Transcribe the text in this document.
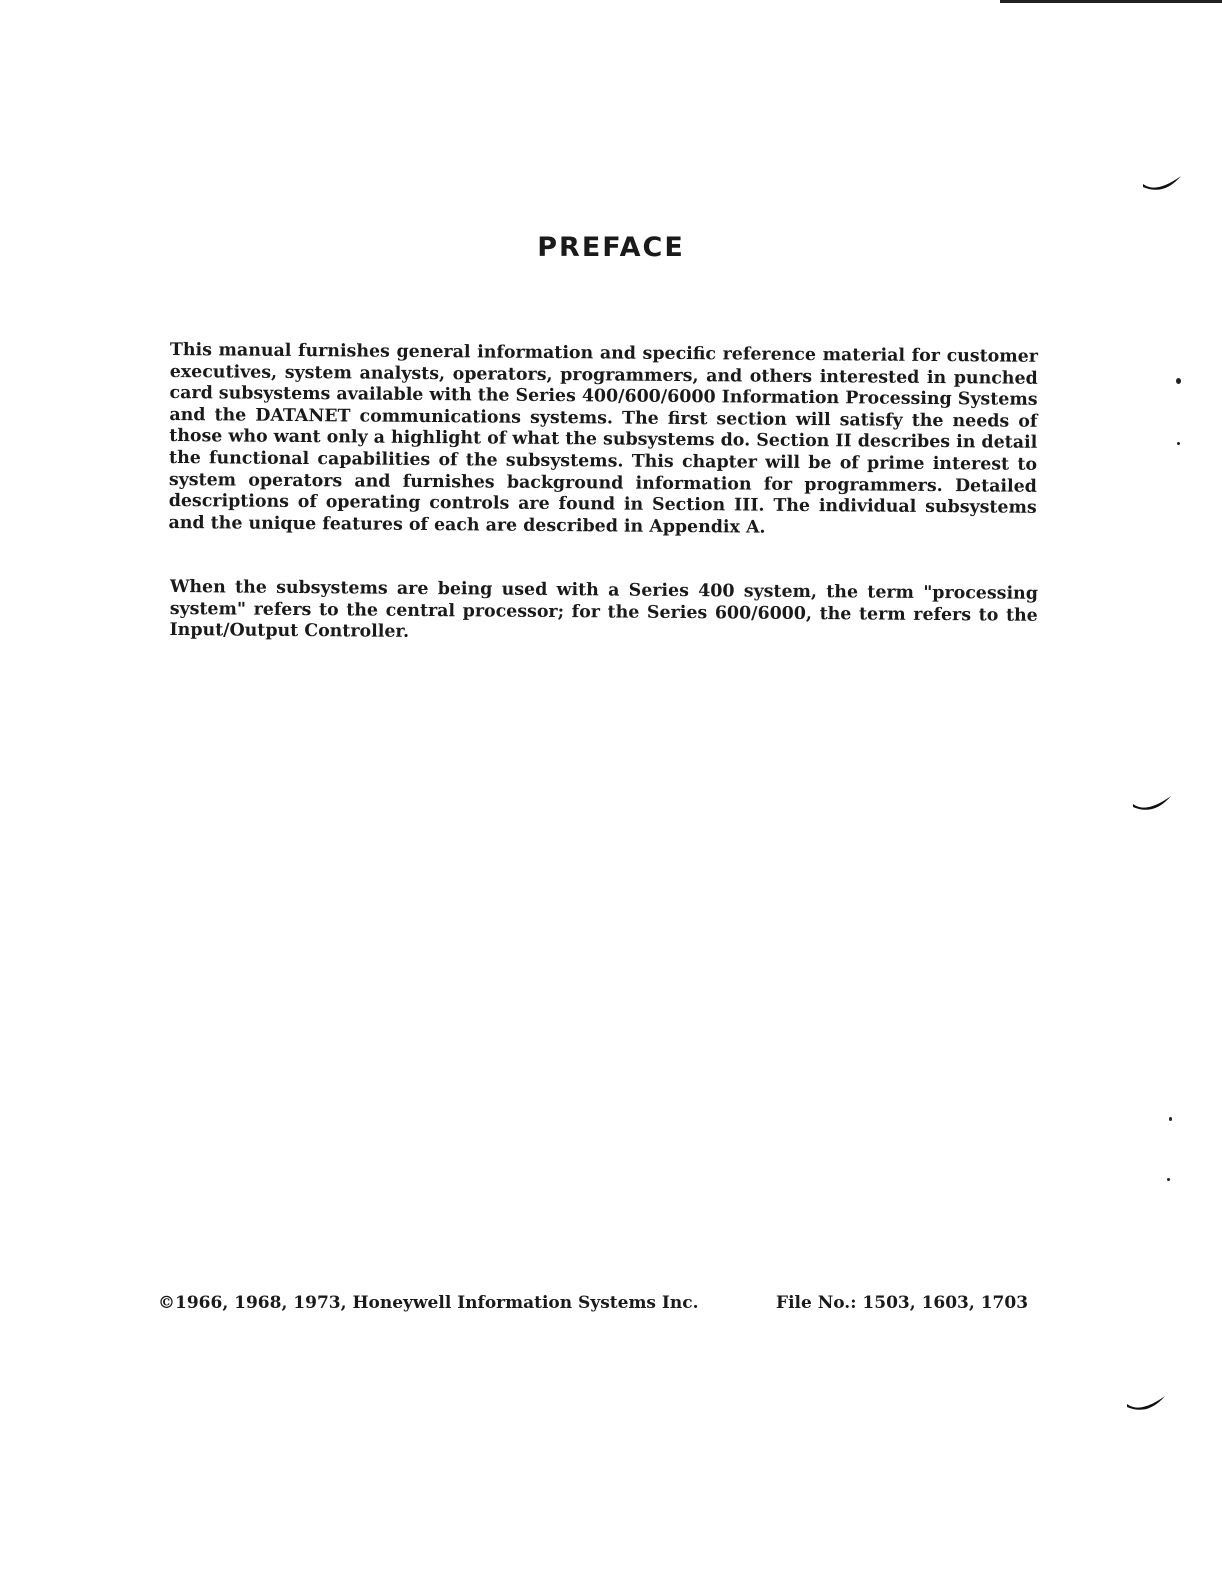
PREFACE

This manual furnishes general information and specific reference material for customer executives, system analysts, operators, programmers, and others interested in punched card subsystems available with the Series 400/600/6000 Information Processing Systems and the DATANET communications systems. The first section will satisfy the needs of those who want only a highlight of what the subsystems do. Section II describes in detail the functional capabilities of the subsystems. This chapter will be of prime interest to system operators and furnishes background information for programmers. Detailed descriptions of operating controls are found in Section III. The individual subsystems and the unique features of each are described in Appendix A.

When the subsystems are being used with a Series 400 system, the term "processing system" refers to the central processor; for the Series 600/6000, the term refers to the Input/Output Controller.

©1966, 1968, 1973, Honeywell Information Systems Inc.	File No.: 1503, 1603, 1703
